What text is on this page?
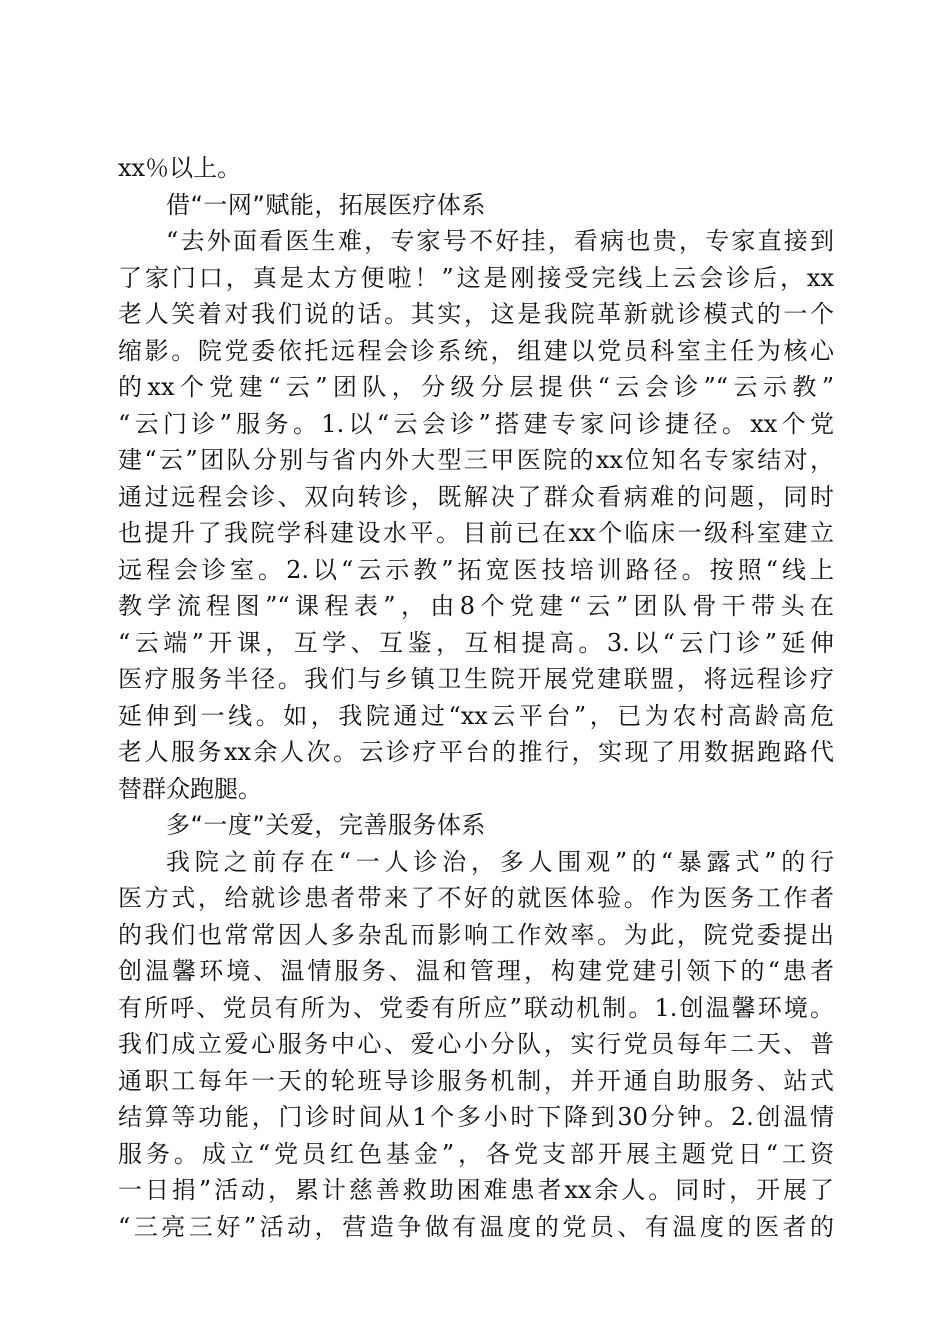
xx％以上。
借“一网”赋能，拓展医疗体系
“去外面看医生难，专家号不好挂，看病也贵，专家直接到
了家门口，真是太方便啦！”这是刚接受完线上云会诊后，xx
老人笑着对我们说的话。其实，这是我院革新就诊模式的一个
缩影。院党委依托远程会诊系统，组建以党员科室主任为核心
的xx个党建“云”团队，分级分层提供“云会诊”“云示教”
“云门诊”服务。1.以“云会诊”搭建专家问诊捷径。xx个党
建“云”团队分别与省内外大型三甲医院的xx位知名专家结对，
通过远程会诊、双向转诊，既解决了群众看病难的问题，同时
也提升了我院学科建设水平。目前已在xx个临床一级科室建立
远程会诊室。2.以“云示教”拓宽医技培训路径。按照“线上
教学流程图”“课程表”，由8个党建“云”团队骨干带头在
“云端”开课，互学、互鉴，互相提高。3.以“云门诊”延伸
医疗服务半径。我们与乡镇卫生院开展党建联盟，将远程诊疗
延伸到一线。如，我院通过“xx云平台”，已为农村高龄高危
老人服务xx余人次。云诊疗平台的推行，实现了用数据跑路代
替群众跑腿。
多“一度”关爱，完善服务体系
我院之前存在“一人诊治，多人围观”的“暴露式”的行
医方式，给就诊患者带来了不好的就医体验。作为医务工作者
的我们也常常因人多杂乱而影响工作效率。为此，院党委提出
创温馨环境、温情服务、温和管理，构建党建引领下的“患者
有所呼、党员有所为、党委有所应”联动机制。1.创温馨环境。
我们成立爱心服务中心、爱心小分队，实行党员每年二天、普
通职工每年一天的轮班导诊服务机制，并开通自助服务、站式
结算等功能，门诊时间从1个多小时下降到30分钟。2.创温情
服务。成立“党员红色基金”，各党支部开展主题党日“工资
一日捐”活动，累计慈善救助困难患者xx余人。同时，开展了
“三亮三好”活动，营造争做有温度的党员、有温度的医者的
